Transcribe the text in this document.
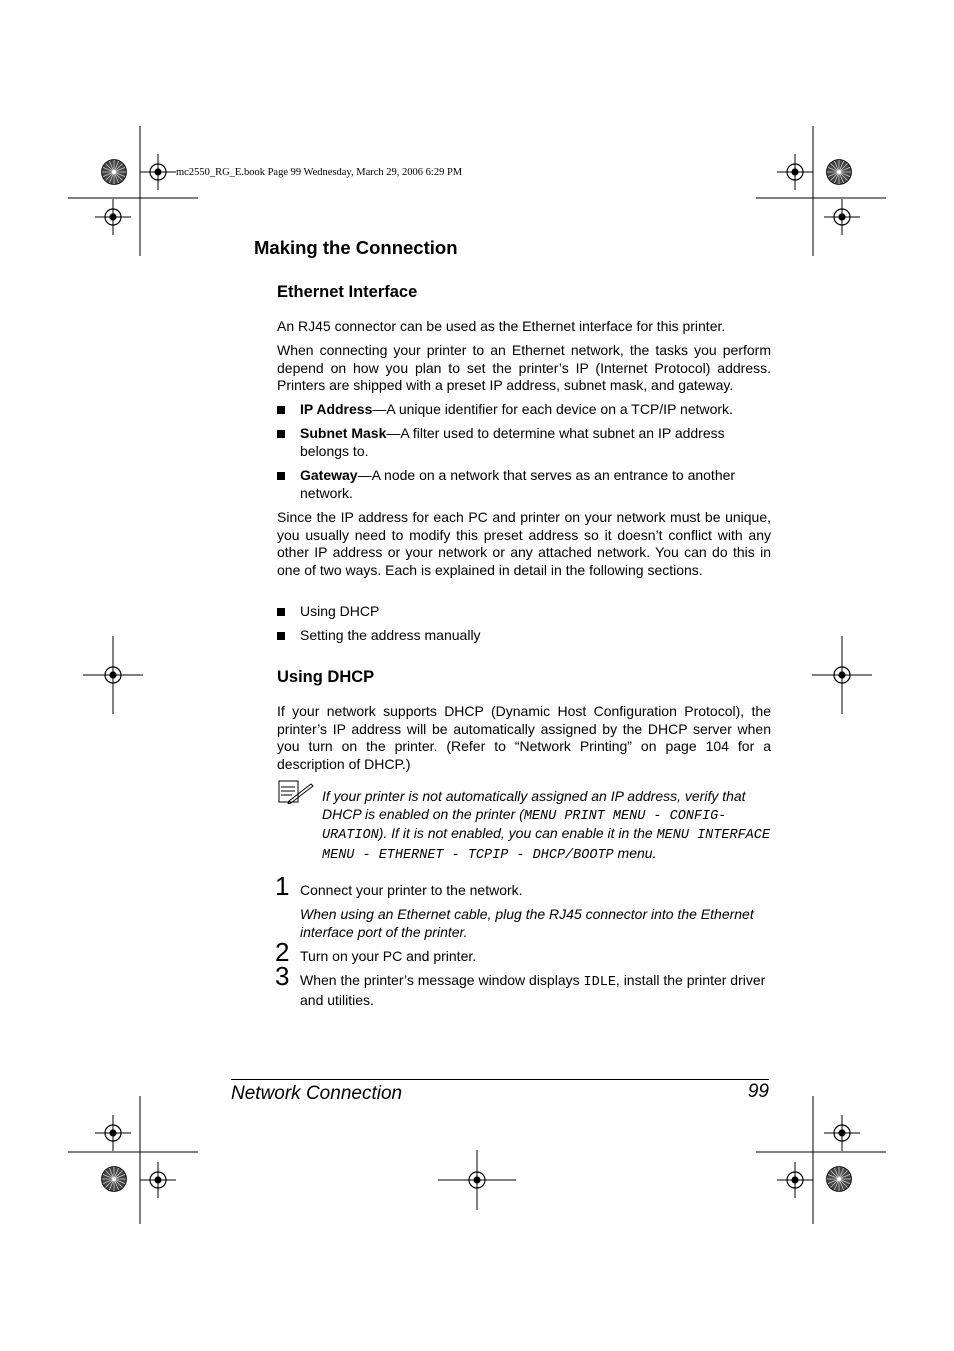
mc2550_RG_E.book Page 99 Wednesday, March 29, 2006 6:29 PM
Making the Connection
Ethernet Interface

An RJ45 connector can be used as the Ethernet interface for this printer.

When connecting your printer to an Ethernet network, the tasks you perform depend on how you plan to set the printer’s IP (Internet Protocol) address. Printers are shipped with a preset IP address, subnet mask, and gateway.

IP Address—A unique identifier for each device on a TCP/IP network.
Subnet Mask—A filter used to determine what subnet an IP address belongs to.
Gateway—A node on a network that serves as an entrance to another network.

Since the IP address for each PC and printer on your network must be unique, you usually need to modify this preset address so it doesn’t conflict with any other IP address or your network or any attached network. You can do this in one of two ways. Each is explained in detail in the following sections.

Using DHCP
Setting the address manually
Using DHCP

If your network supports DHCP (Dynamic Host Configuration Protocol), the printer’s IP address will be automatically assigned by the DHCP server when you turn on the printer. (Refer to “Network Printing” on page 104 for a description of DHCP.)

If your printer is not automatically assigned an IP address, verify that DHCP is enabled on the printer (MENU PRINT MENU - CONFIG-URATION). If it is not enabled, you can enable it in the MENU INTERFACE MENU - ETHERNET - TCPIP - DHCP/BOOTP menu.

1 Connect your printer to the network.
When using an Ethernet cable, plug the RJ45 connector into the Ethernet interface port of the printer.
2 Turn on your PC and printer.
3 When the printer’s message window displays IDLE, install the printer driver and utilities.
Network Connection	99
